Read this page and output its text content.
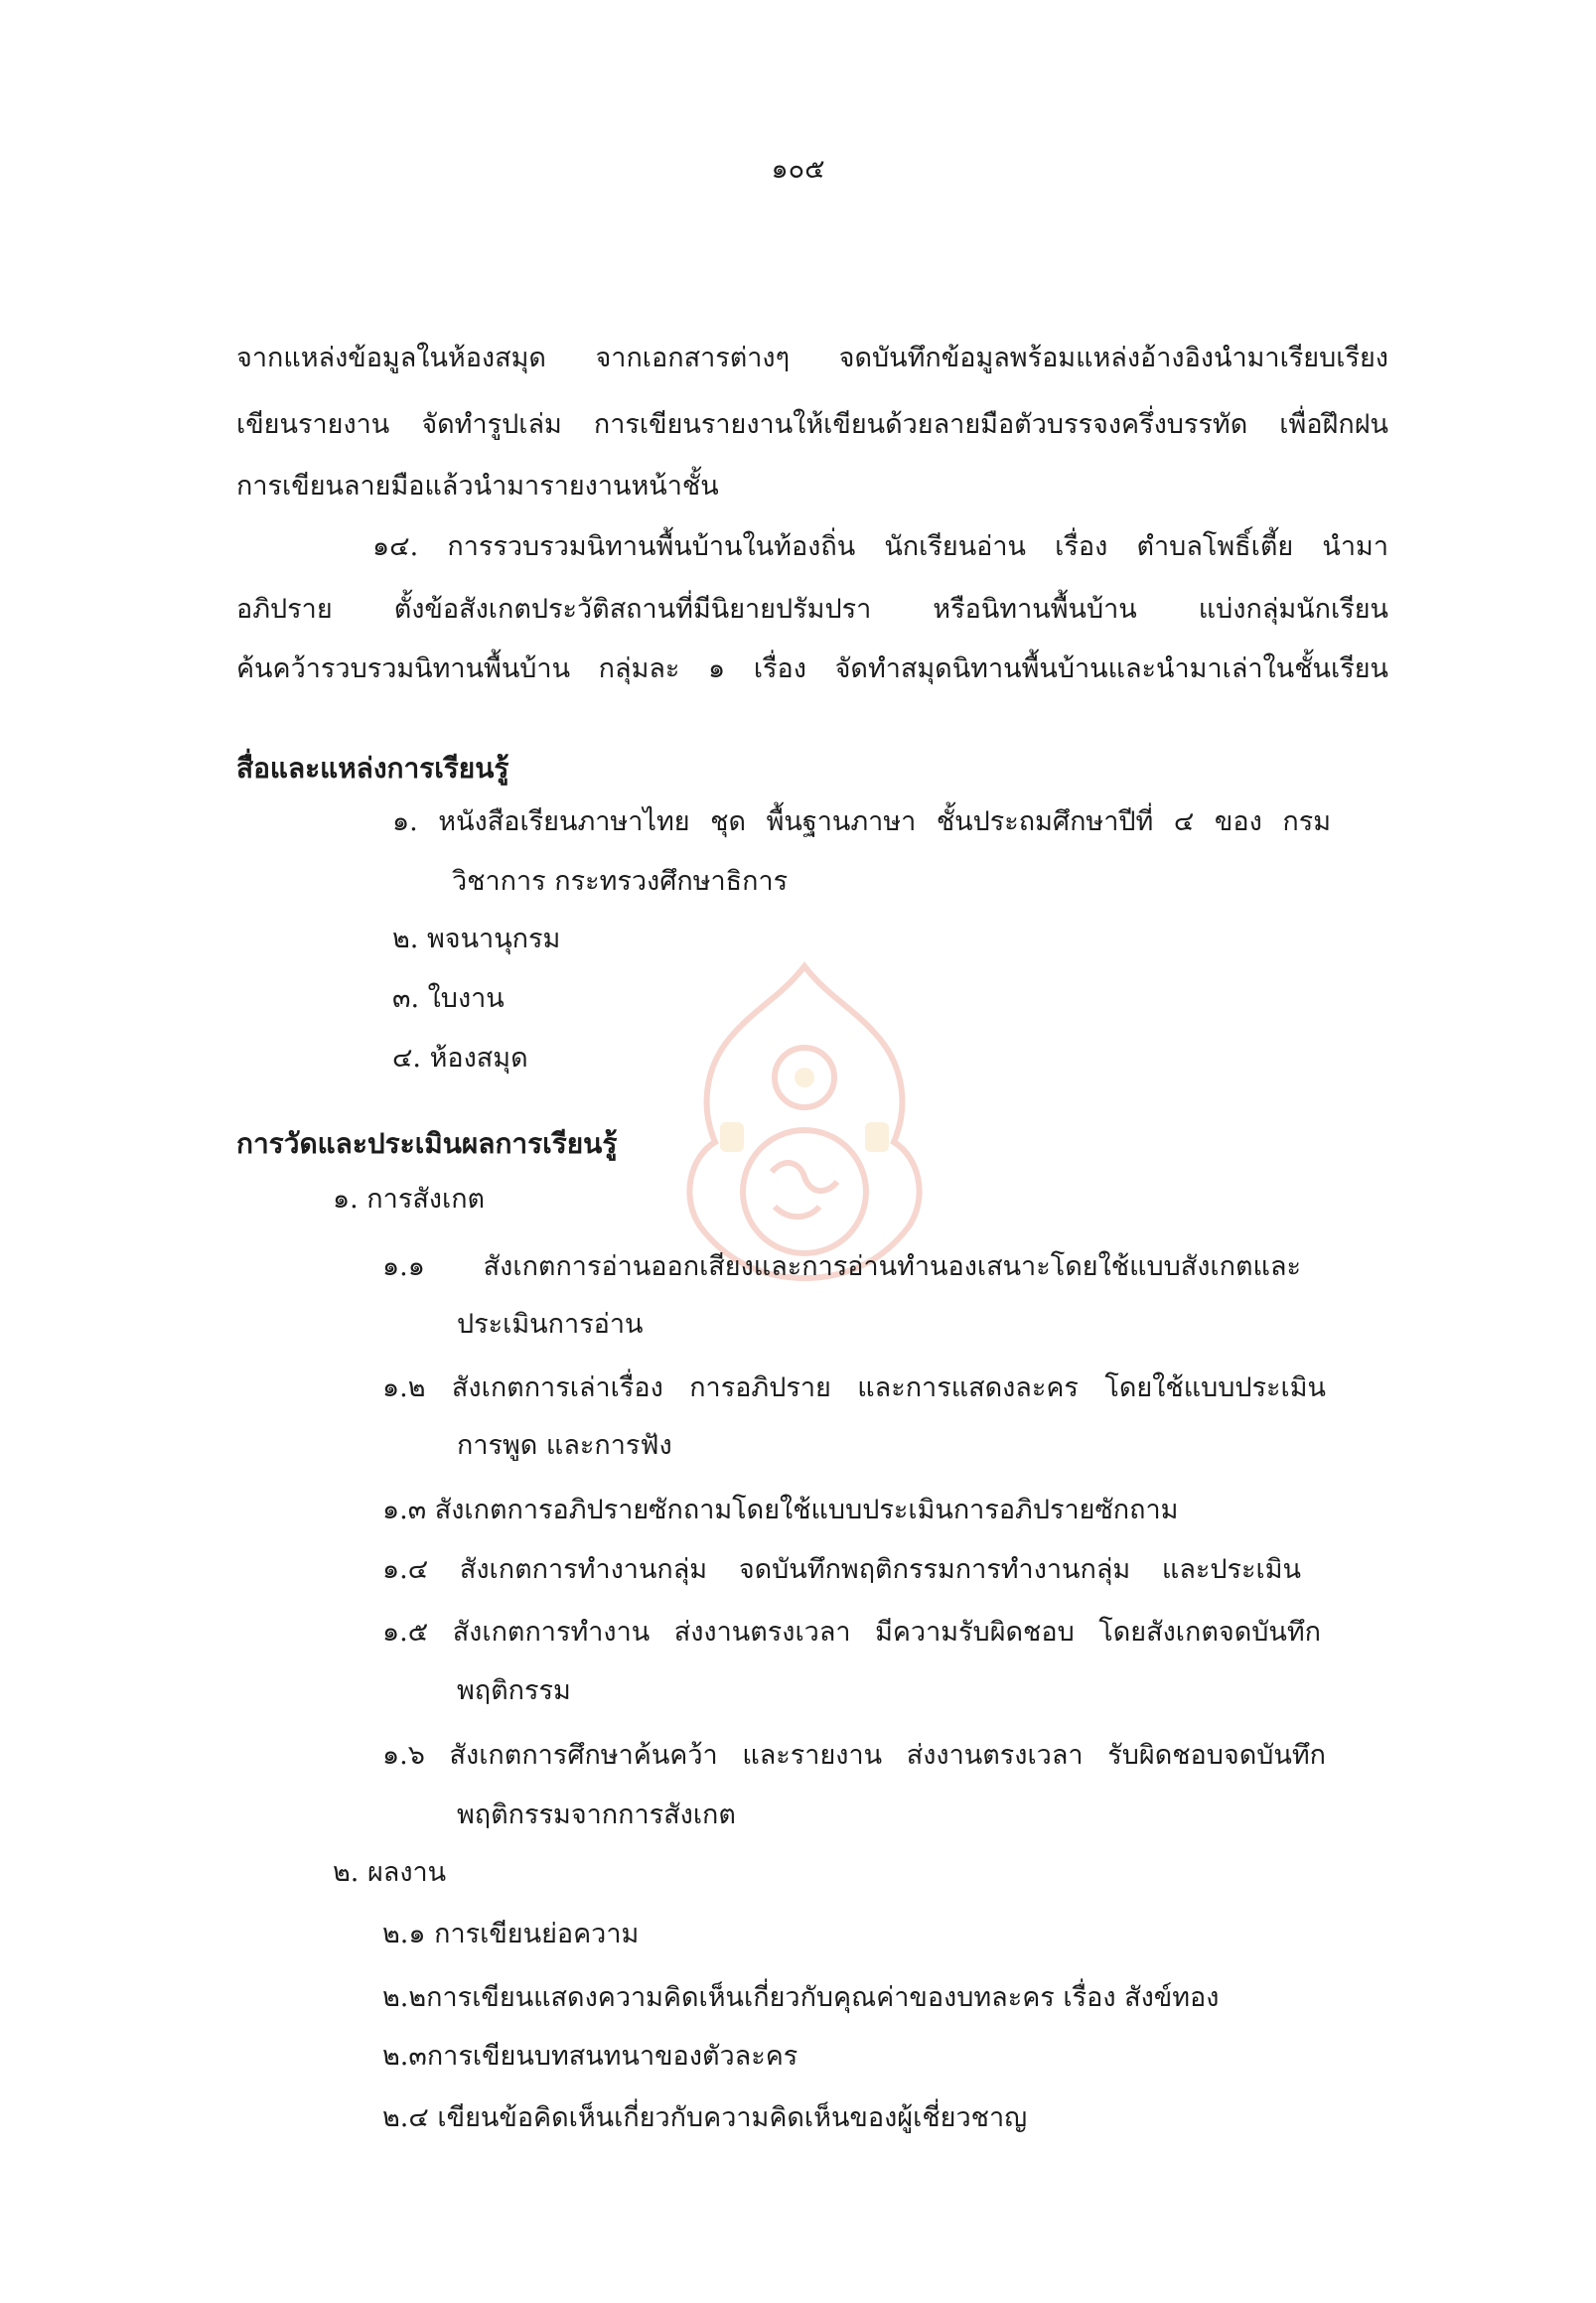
๑๐๕
จากแหล่งข้อมูลในห้องสมุด จากเอกสารต่างๆ จดบันทึกข้อมูลพร้อมแหล่งอ้างอิงนำมาเรียบเรียง
เขียนรายงาน จัดทำรูปเล่ม การเขียนรายงานให้เขียนด้วยลายมือตัวบรรจงครึ่งบรรทัด เพื่อฝึกฝน
การเขียนลายมือแล้วนำมารายงานหน้าชั้น
๑๔. การรวบรวมนิทานพื้นบ้านในท้องถิ่น นักเรียนอ่าน เรื่อง ตำบลโพธิ์เตี้ย นำมา
อภิปราย ตั้งข้อสังเกตประวัติสถานที่มีนิยายปรัมปรา หรือนิทานพื้นบ้าน แบ่งกลุ่มนักเรียน
ค้นคว้ารวบรวมนิทานพื้นบ้าน กลุ่มละ ๑ เรื่อง จัดทำสมุดนิทานพื้นบ้านและนำมาเล่าในชั้นเรียน
สื่อและแหล่งการเรียนรู้
๑. หนังสือเรียนภาษาไทย ชุด พื้นฐานภาษา ชั้นประถมศึกษาปีที่ ๔ ของ กรม
วิชาการ กระทรวงศึกษาธิการ
๒. พจนานุกรม
๓. ใบงาน
๔. ห้องสมุด
การวัดและประเมินผลการเรียนรู้
๑. การสังเกต
๑.๑ สังเกตการอ่านออกเสียงและการอ่านทำนองเสนาะโดยใช้แบบสังเกตและ
ประเมินการอ่าน
๑.๒ สังเกตการเล่าเรื่อง การอภิปราย และการแสดงละคร โดยใช้แบบประเมิน
การพูด และการฟัง
๑.๓ สังเกตการอภิปรายซักถามโดยใช้แบบประเมินการอภิปรายซักถาม
๑.๔ สังเกตการทำงานกลุ่ม จดบันทึกพฤติกรรมการทำงานกลุ่ม และประเมิน
๑.๕ สังเกตการทำงาน ส่งงานตรงเวลา มีความรับผิดชอบ โดยสังเกตจดบันทึก
พฤติกรรม
๑.๖ สังเกตการศึกษาค้นคว้า และรายงาน ส่งงานตรงเวลา รับผิดชอบจดบันทึก
พฤติกรรมจากการสังเกต
๒. ผลงาน
๒.๑ การเขียนย่อความ
๒.๒การเขียนแสดงความคิดเห็นเกี่ยวกับคุณค่าของบทละคร เรื่อง สังข์ทอง
๒.๓การเขียนบทสนทนาของตัวละคร
๒.๔ เขียนข้อคิดเห็นเกี่ยวกับความคิดเห็นของผู้เชี่ยวชาญ
